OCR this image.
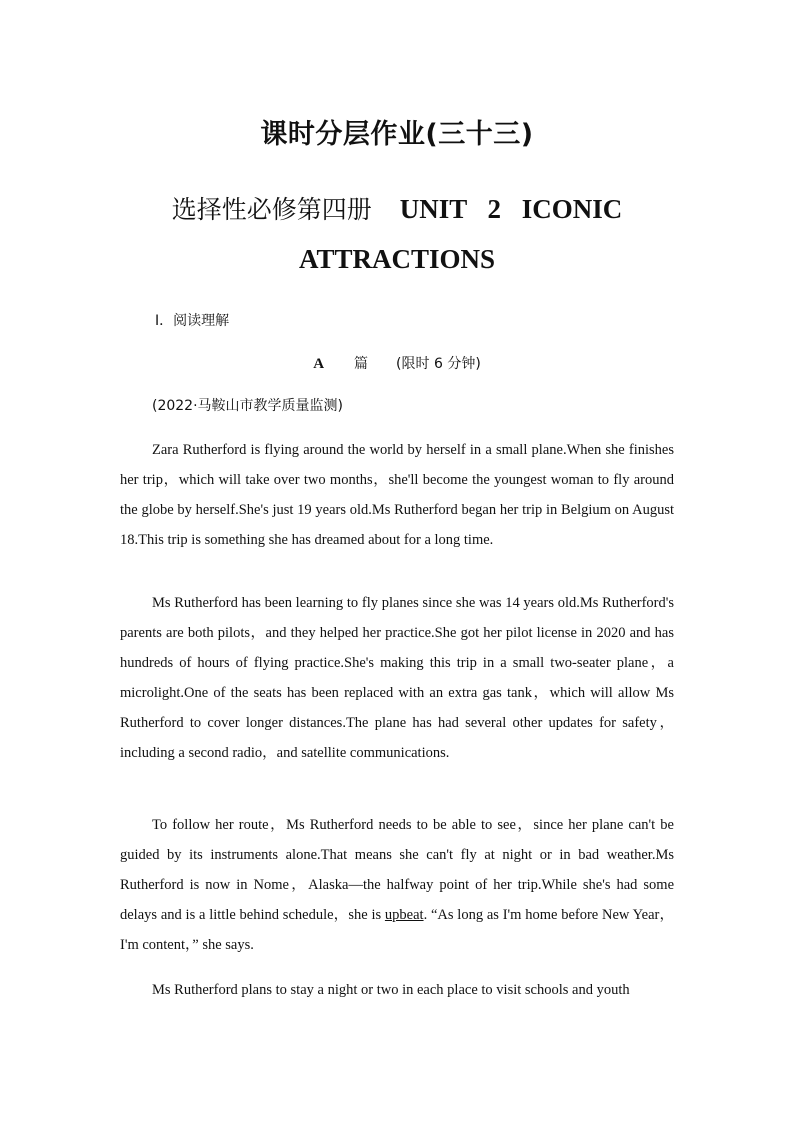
课时分层作业(三十三)
选择性必修第四册 UNIT 2 ICONIC
ATTRACTIONS
Ⅰ．阅读理解
A 篇 (限时 6 分钟)
(2022·马鞍山市教学质量监测)

Zara Rutherford is flying around the world by herself in a small plane.When she finishes her trip，which will take over two months，she'll become the youngest woman to fly around the globe by herself.She's just 19 years old.Ms Rutherford began her trip in Belgium on August 18.This trip is something she has dreamed about for a long time.

Ms Rutherford has been learning to fly planes since she was 14 years old.Ms Rutherford's parents are both pilots，and they helped her practice.She got her pilot license in 2020 and has hundreds of hours of flying practice.She's making this trip in a small two-seater plane，a microlight.One of the seats has been replaced with an extra gas tank，which will allow Ms Rutherford to cover longer distances.The plane has had several other updates for safety，including a second radio，and satellite communications.

To follow her route，Ms Rutherford needs to be able to see，since her plane can't be guided by its instruments alone.That means she can't fly at night or in bad weather.Ms Rutherford is now in Nome，Alaska—the halfway point of her trip.While she's had some delays and is a little behind schedule，she is upbeat. “As long as I'm home before New Year，I'm content，” she says.

Ms Rutherford plans to stay a night or two in each place to visit schools and youth
